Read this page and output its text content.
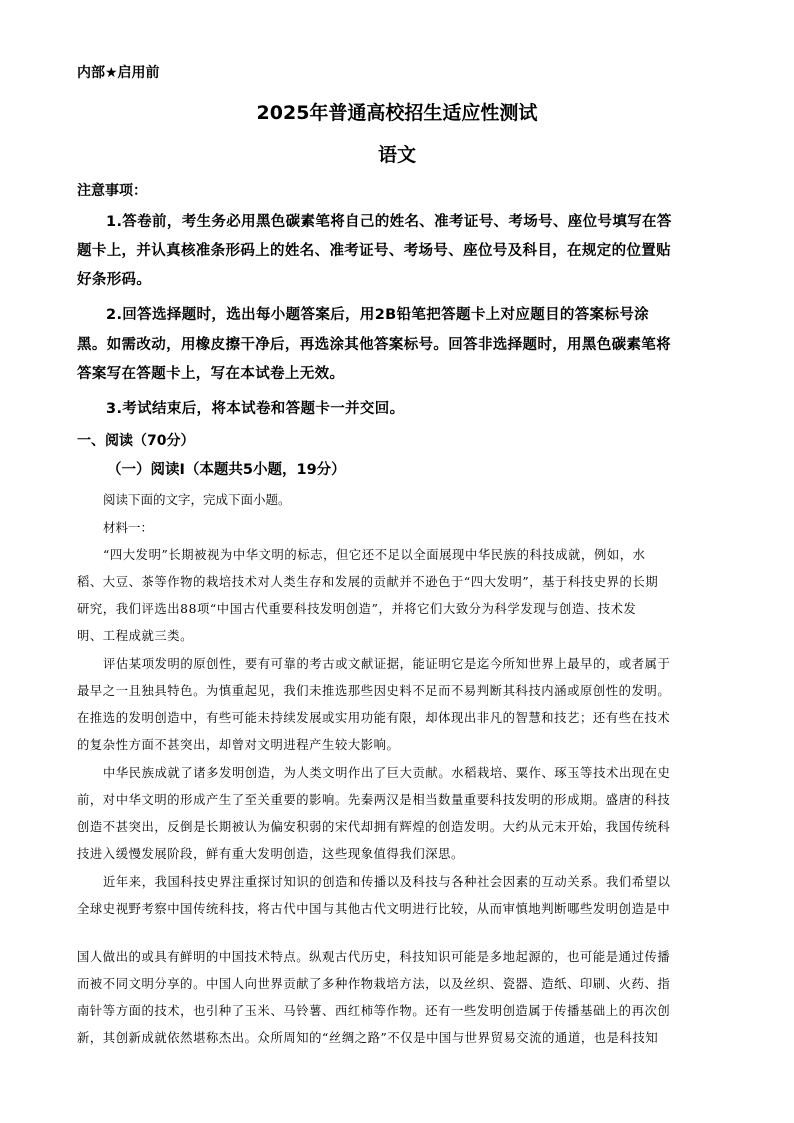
内部★启用前
2025年普通高校招生适应性测试
语文
注意事项：
1.答卷前，考生务必用黑色碳素笔将自己的姓名、准考证号、考场号、座位号填写在答
题卡上，并认真核准条形码上的姓名、准考证号、考场号、座位号及科目，在规定的位置贴
好条形码。
2.回答选择题时，选出每小题答案后，用2B铅笔把答题卡上对应题目的答案标号涂
黑。如需改动，用橡皮擦干净后，再选涂其他答案标号。回答非选择题时，用黑色碳素笔将
答案写在答题卡上，写在本试卷上无效。
3.考试结束后，将本试卷和答题卡一并交回。
一、阅读（70分）
（一）阅读Ⅰ（本题共5小题，19分）
阅读下面的文字，完成下面小题。
材料一：
“四大发明”长期被视为中华文明的标志，但它还不足以全面展现中华民族的科技成就，例如，水
稻、大豆、茶等作物的栽培技术对人类生存和发展的贡献并不逊色于“四大发明”，基于科技史界的长期
研究，我们评选出88项“中国古代重要科技发明创造”，并将它们大致分为科学发现与创造、技术发
明、工程成就三类。
评估某项发明的原创性，要有可靠的考古或文献证据，能证明它是迄今所知世界上最早的，或者属于
最早之一且独具特色。为慎重起见，我们未推选那些因史料不足而不易判断其科技内涵或原创性的发明。
在推选的发明创造中，有些可能未持续发展或实用功能有限，却体现出非凡的智慧和技艺；还有些在技术
的复杂性方面不甚突出，却曾对文明进程产生较大影响。
中华民族成就了诸多发明创造，为人类文明作出了巨大贡献。水稻栽培、粟作、琢玉等技术出现在史
前，对中华文明的形成产生了至关重要的影响。先秦两汉是相当数量重要科技发明的形成期。盛唐的科技
创造不甚突出，反倒是长期被认为偏安积弱的宋代却拥有辉煌的创造发明。大约从元末开始，我国传统科
技进入缓慢发展阶段，鲜有重大发明创造，这些现象值得我们深思。
近年来，我国科技史界注重探讨知识的创造和传播以及科技与各种社会因素的互动关系。我们希望以
全球史视野考察中国传统科技，将古代中国与其他古代文明进行比较，从而审慎地判断哪些发明创造是中
国人做出的或具有鲜明的中国技术特点。纵观古代历史，科技知识可能是多地起源的，也可能是通过传播
而被不同文明分享的。中国人向世界贡献了多种作物栽培方法，以及丝织、瓷器、造纸、印刷、火药、指
南针等方面的技术，也引种了玉米、马铃薯、西红柿等作物。还有一些发明创造属于传播基础上的再次创
新，其创新成就依然堪称杰出。众所周知的“丝绸之路”不仅是中国与世界贸易交流的通道，也是科技知
